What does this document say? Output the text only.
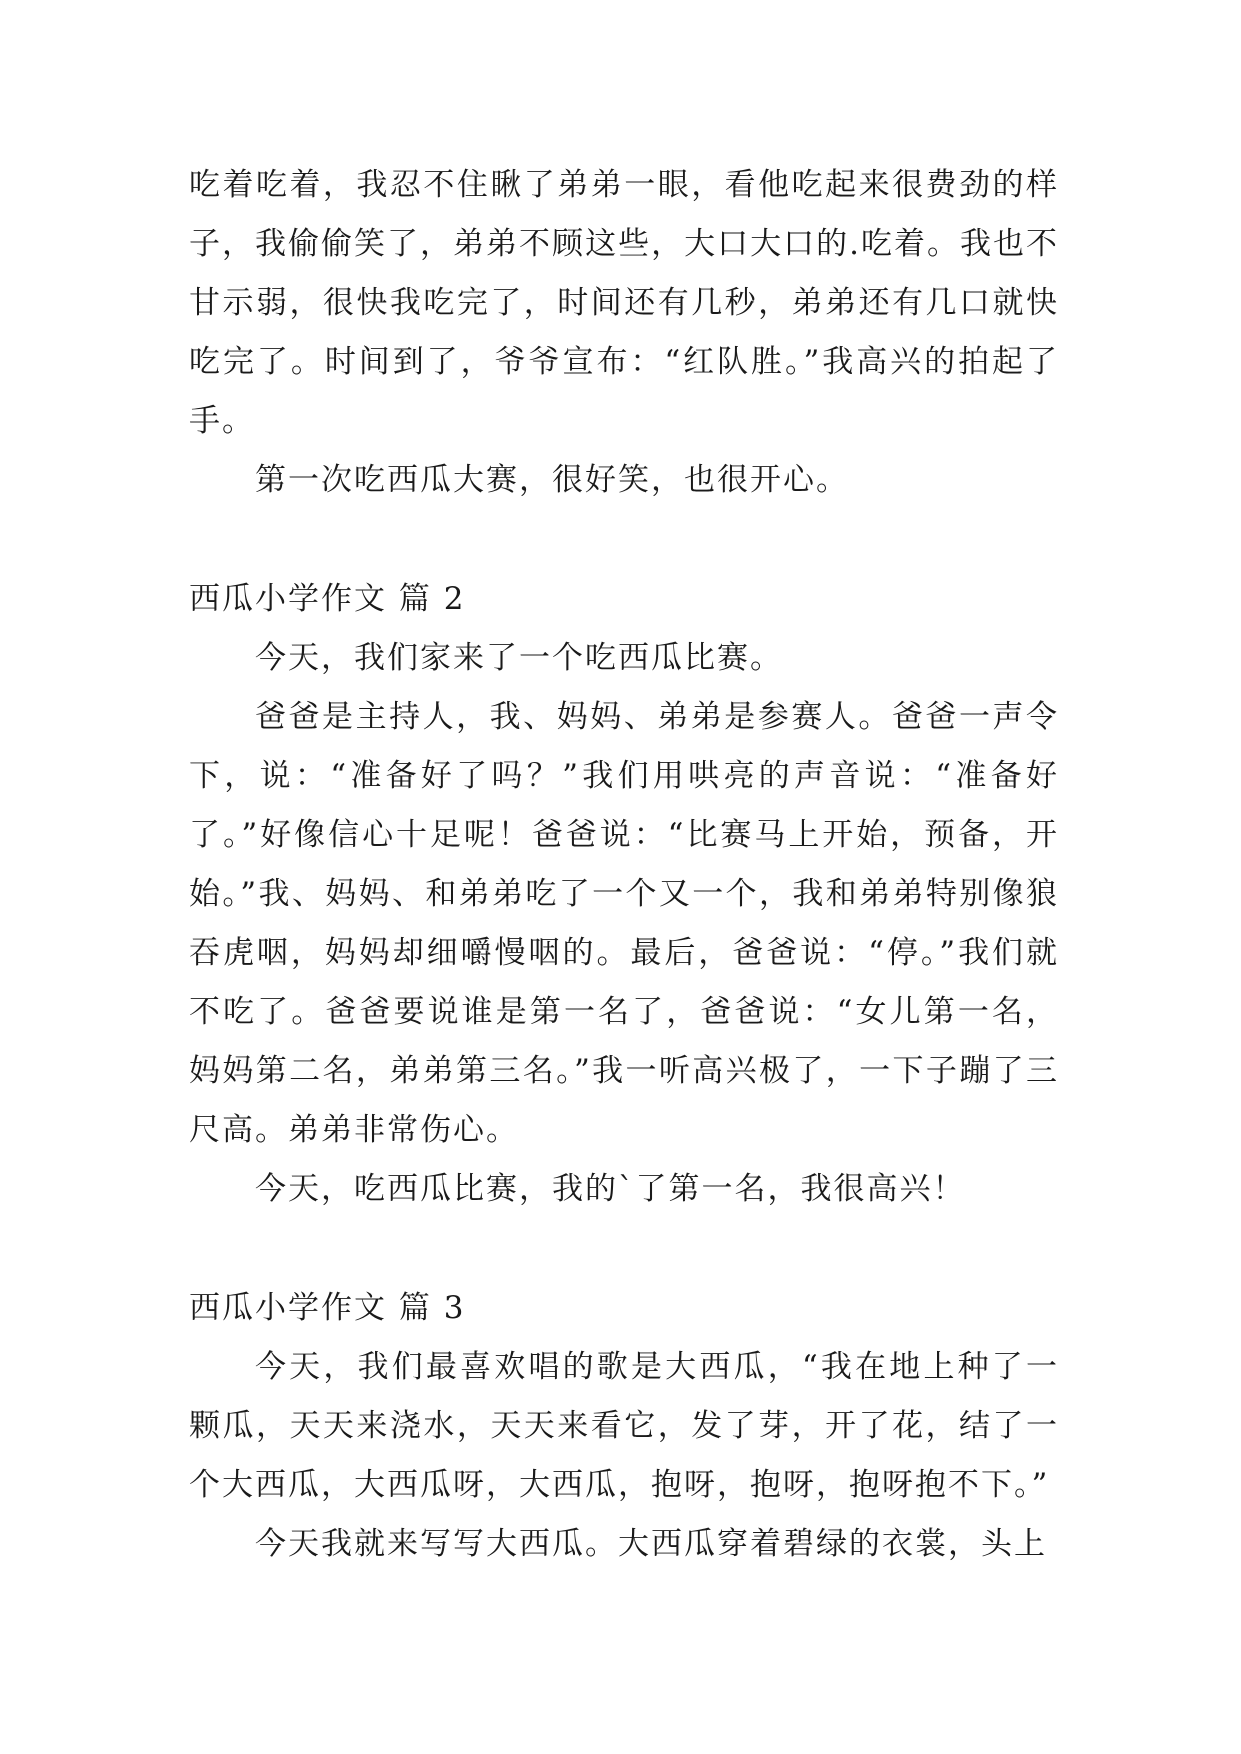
吃着吃着，我忍不住瞅了弟弟一眼，看他吃起来很费劲的样子，我偷偷笑了，弟弟不顾这些，大口大口的.吃着。我也不甘示弱，很快我吃完了，时间还有几秒，弟弟还有几口就快吃完了。时间到了，爷爷宣布：“红队胜。”我高兴的拍起了手。

第一次吃西瓜大赛，很好笑，也很开心。

西瓜小学作文 篇 2

今天，我们家来了一个吃西瓜比赛。

爸爸是主持人，我、妈妈、弟弟是参赛人。爸爸一声令下，说：“准备好了吗？”我们用哄亮的声音说：“准备好了。”好像信心十足呢！爸爸说：“比赛马上开始，预备，开始。”我、妈妈、和弟弟吃了一个又一个，我和弟弟特别像狼吞虎咽，妈妈却细嚼慢咽的。最后，爸爸说：“停。”我们就不吃了。爸爸要说谁是第一名了，爸爸说：“女儿第一名，妈妈第二名，弟弟第三名。”我一听高兴极了，一下子蹦了三尺高。弟弟非常伤心。

今天，吃西瓜比赛，我的`了第一名，我很高兴！

西瓜小学作文 篇 3

今天，我们最喜欢唱的歌是大西瓜，“我在地上种了一颗瓜，天天来浇水，天天来看它，发了芽，开了花，结了一个大西瓜，大西瓜呀，大西瓜，抱呀，抱呀，抱呀抱不下。”

今天我就来写写大西瓜。大西瓜穿着碧绿的衣裳，头上
